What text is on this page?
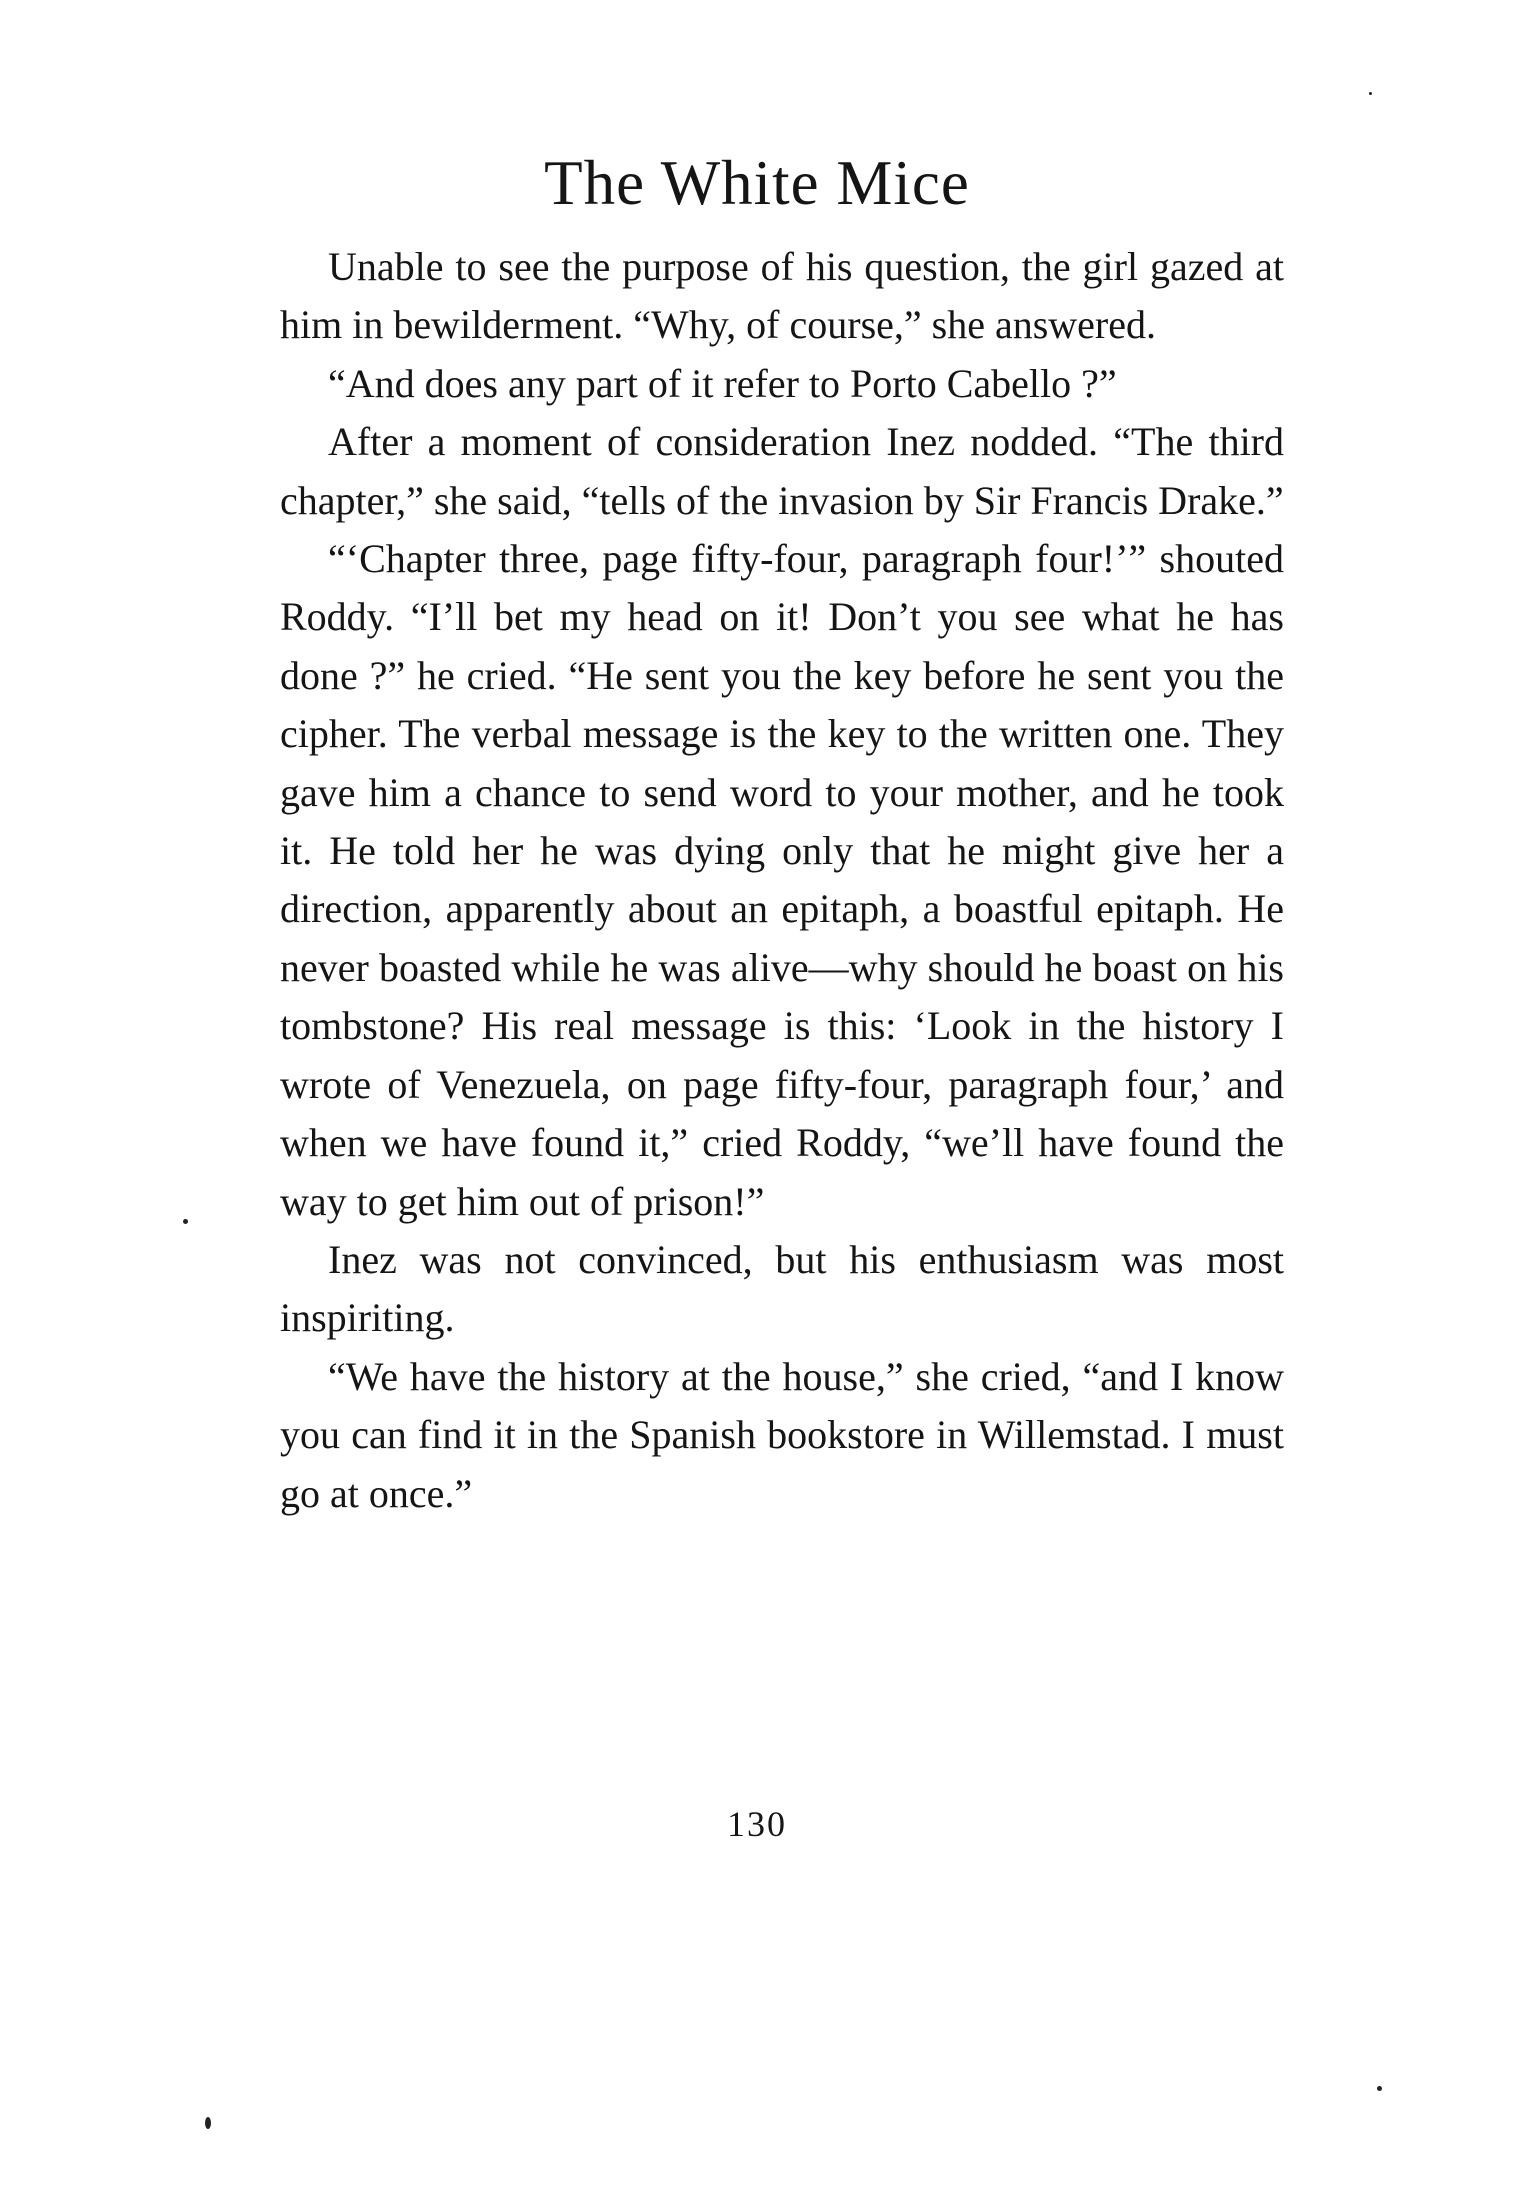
The White Mice

Unable to see the purpose of his question, the girl gazed at him in bewilderment. “Why, of course,” she answered.

“And does any part of it refer to Porto Cabello ?”

After a moment of consideration Inez nodded. “The third chapter,” she said, “tells of the invasion by Sir Francis Drake.”

“‘Chapter three, page fifty-four, paragraph four!’” shouted Roddy. “I’ll bet my head on it! Don’t you see what he has done ?” he cried. “He sent you the key before he sent you the cipher. The verbal message is the key to the written one. They gave him a chance to send word to your mother, and he took it. He told her he was dying only that he might give her a direction, apparently about an epitaph, a boastful epitaph. He never boasted while he was alive—why should he boast on his tombstone? His real message is this: ‘Look in the history I wrote of Venezuela, on page fifty-four, paragraph four,’ and when we have found it,” cried Roddy, “we’ll have found the way to get him out of prison!”

Inez was not convinced, but his enthusiasm was most inspiriting.

“We have the history at the house,” she cried, “and I know you can find it in the Spanish bookstore in Willemstad. I must go at once.”

130
